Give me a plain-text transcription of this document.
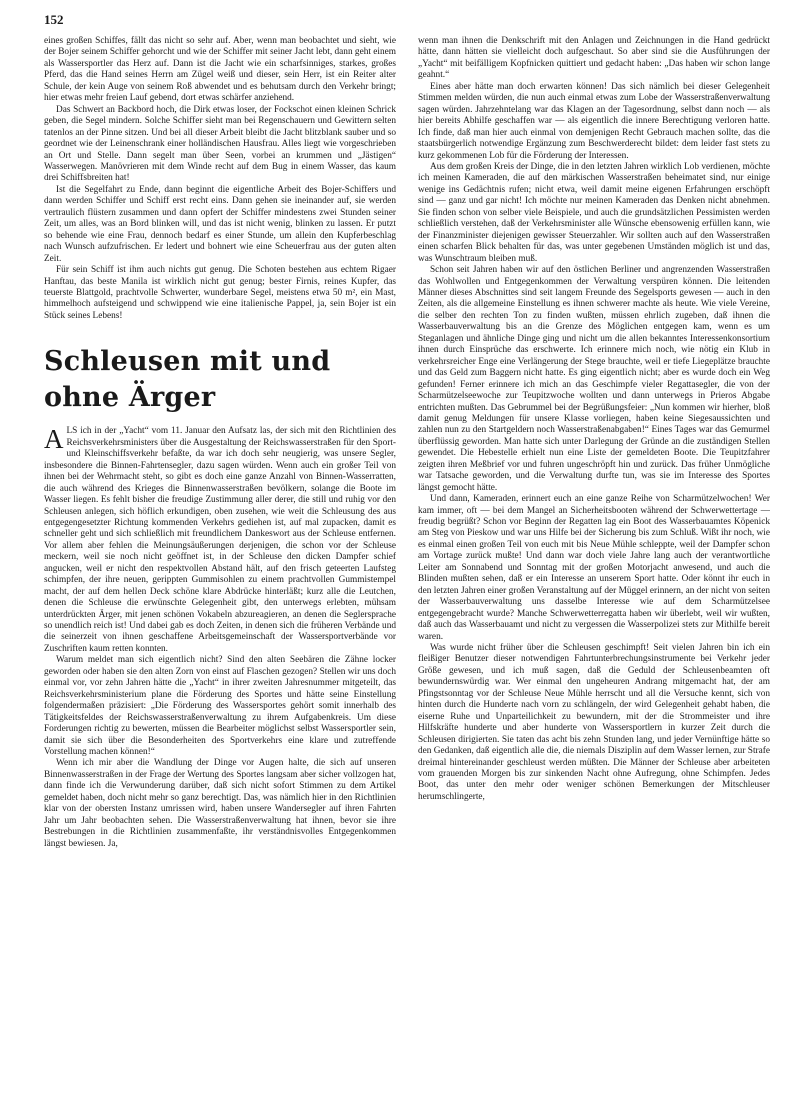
152

eines großen Schiffes, fällt das nicht so sehr auf. Aber, wenn man beobachtet und sieht, wie der Bojer seinem Schiffer gehorcht und wie der Schiffer mit seiner Jacht lebt, dann geht einem als Wassersportler das Herz auf. Dann ist die Jacht wie ein scharfsinniges, starkes, großes Pferd, das die Hand seines Herrn am Zügel weiß und dieser, sein Herr, ist ein Reiter alter Schule, der kein Auge von seinem Roß abwendet und es behutsam durch den Verkehr bringt; hier etwas mehr freien Lauf gebend, dort etwas schärfer anziehend.

Das Schwert an Backbord hoch, die Dirk etwas loser, der Fockschot einen kleinen Schrick geben, die Segel mindern. Solche Schiffer sieht man bei Regenschauern und Gewittern selten tatenlos an der Pinne sitzen. Und bei all dieser Arbeit bleibt die Jacht blitzblank sauber und so geordnet wie der Leinenschrank einer holländischen Hausfrau. Alles liegt wie vorgeschrieben an Ort und Stelle. Dann segelt man über Seen, vorbei an krummen und „Jästigen“ Wasserwegen. Manövrieren mit dem Winde recht auf dem Bug in einem Wasser, das kaum drei Schiffsbreiten hat!

Ist die Segelfahrt zu Ende, dann beginnt die eigentliche Arbeit des Bojer-Schiffers und dann werden Schiffer und Schiff erst recht eins. Dann gehen sie ineinander auf, sie werden vertraulich flüstern zusammen und dann opfert der Schiffer mindestens zwei Stunden seiner Zeit, um alles, was an Bord blinken will, und das ist nicht wenig, blinken zu lassen. Er putzt so behende wie eine Frau, dennoch bedarf es einer Stunde, um allein den Kupferbeschlag nach Wunsch aufzufrischen. Er ledert und bohnert wie eine Scheuerfrau aus der guten alten Zeit.

Für sein Schiff ist ihm auch nichts gut genug. Die Schoten bestehen aus echtem Rigaer Hanftau, das beste Manila ist wirklich nicht gut genug; bester Firnis, reines Kupfer, das teuerste Blattgold, prachtvolle Schwerter, wunderbare Segel, meistens etwa 50 m², ein Mast, himmelhoch aufsteigend und schwippend wie eine italienische Pappel, ja, sein Bojer ist ein Stück seines Lebens!

Schleusen mit und ohne Ärger

ALS ich in der „Yacht“ vom 11. Januar den Aufsatz las, der sich mit den Richtlinien des Reichsverkehrsministers über die Ausgestaltung der Reichswasserstraßen für den Sport- und Kleinschiffsverkehr befaßte, da war ich doch sehr neugierig, was unsere Segler, insbesondere die Binnen-Fahrtensegler, dazu sagen würden. Wenn auch ein großer Teil von ihnen bei der Wehrmacht steht, so gibt es doch eine ganze Anzahl von Binnen-Wasserratten, die auch während des Krieges die Binnenwasserstraßen bevölkern, solange die Boote im Wasser liegen. Es fehlt bisher die freudige Zustimmung aller derer, die still und ruhig vor den Schleusen anlegen, sich höflich erkundigen, oben zusehen, wie weit die Schleusung des aus entgegengesetzter Richtung kommenden Verkehrs gediehen ist, auf mal zupacken, damit es schneller geht und sich schließlich mit freundlichem Dankeswort aus der Schleuse entfernen. Vor allem aber fehlen die Meinungsäußerungen derjenigen, die schon vor der Schleuse meckern, weil sie noch nicht geöffnet ist, in der Schleuse den dicken Dampfer schief angucken, weil er nicht den respektvollen Abstand hält, auf den frisch geteerten Laufsteg schimpfen, der ihre neuen, gerippten Gummisohlen zu einem prachtvollen Gummistempel macht, der auf dem hellen Deck schöne klare Abdrücke hinterläßt; kurz alle die Leutchen, denen die Schleuse die erwünschte Gelegenheit gibt, den unterwegs erlebten, mühsam unterdrückten Ärger, mit jenen schönen Vokabeln abzureagieren, an denen die Seglersprache so unendlich reich ist! Und dabei gab es doch Zeiten, in denen sich die früheren Verbände und die seinerzeit von ihnen geschaffene Arbeitsgemeinschaft der Wassersportverbände vor Zuschriften kaum retten konnten.

Warum meldet man sich eigentlich nicht? Sind den alten Seebären die Zähne locker geworden oder haben sie den alten Zorn von einst auf Flaschen gezogen? Stellen wir uns doch einmal vor, vor zehn Jahren hätte die „Yacht“ in ihrer zweiten Jahresnummer mitgeteilt, das Reichsverkehrsministerium plane die Förderung des Sportes und hätte seine Einstellung folgendermaßen präzisiert: „Die Förderung des Wassersportes gehört somit innerhalb des Tätigkeitsfeldes der Reichswasserstraßenverwaltung zu ihrem Aufgabenkreis. Um diese Forderungen richtig zu bewerten, müssen die Bearbeiter möglichst selbst Wassersportler sein, damit sie sich über die Besonderheiten des Sportverkehrs eine klare und zutreffende Vorstellung machen können!“

Wenn ich mir aber die Wandlung der Dinge vor Augen halte, die sich auf unseren Binnenwasserstraßen in der Frage der Wertung des Sportes langsam aber sicher vollzogen hat, dann finde ich die Verwunderung darüber, daß sich nicht sofort Stimmen zu dem Artikel gemeldet haben, doch nicht mehr so ganz berechtigt. Das, was nämlich hier in den Richtlinien klar von der obersten Instanz umrissen wird, haben unsere Wandersegler auf ihren Fahrten Jahr um Jahr beobachten sehen. Die Wasserstraßenverwaltung hat ihnen, bevor sie ihre Bestrebungen in die Richtlinien zusammenfaßte, ihr verständnisvolles Entgegenkommen längst bewiesen. Ja,

wenn man ihnen die Denkschrift mit den Anlagen und Zeichnungen in die Hand gedrückt hätte, dann hätten sie vielleicht doch aufgeschaut. So aber sind sie die Ausführungen der „Yacht“ mit beifälligem Kopfnicken quittiert und gedacht haben: „Das haben wir schon lange geahnt.“

Eines aber hätte man doch erwarten können! Das sich nämlich bei dieser Gelegenheit Stimmen melden würden, die nun auch einmal etwas zum Lobe der Wasserstraßenverwaltung sagen würden. Jahrzehntelang war das Klagen an der Tagesordnung, selbst dann noch — als hier bereits Abhilfe geschaffen war — als eigentlich die innere Berechtigung verloren hatte. Ich finde, daß man hier auch einmal von demjenigen Recht Gebrauch machen sollte, das die staatsbürgerlich notwendige Ergänzung zum Beschwerderecht bildet: dem leider fast stets zu kurz gekommenen Lob für die Förderung der Interessen.

Aus dem großen Kreis der Dinge, die in den letzten Jahren wirklich Lob verdienen, möchte ich meinen Kameraden, die auf den märkischen Wasserstraßen beheimatet sind, nur einige wenige ins Gedächtnis rufen; nicht etwa, weil damit meine eigenen Erfahrungen erschöpft sind — ganz und gar nicht! Ich möchte nur meinen Kameraden das Denken nicht abnehmen. Sie finden schon von selber viele Beispiele, und auch die grundsätzlichen Pessimisten werden schließlich verstehen, daß der Verkehrsminister alle Wünsche ebensowenig erfüllen kann, wie der Finanzminister diejenigen gewisser Steuerzahler. Wir sollten auch auf den Wasserstraßen einen scharfen Blick behalten für das, was unter gegebenen Umständen möglich ist und das, was Wunschtraum bleiben muß.

Schon seit Jahren haben wir auf den östlichen Berliner und angrenzenden Wasserstraßen das Wohlwollen und Entgegenkommen der Verwaltung verspüren können. Die leitenden Männer dieses Abschnittes sind seit langem Freunde des Segelsports gewesen — auch in den Zeiten, als die allgemeine Einstellung es ihnen schwerer machte als heute. Wie viele Vereine, die selber den rechten Ton zu finden wußten, müssen ehrlich zugeben, daß ihnen die Wasserbauverwaltung bis an die Grenze des Möglichen entgegen kam, wenn es um Steganlagen und ähnliche Dinge ging und nicht um die allen bekanntes Interessenkonsortium ihnen durch Einsprüche das erschwerte. Ich erinnere mich noch, wie nötig ein Klub in verkehrsreicher Enge eine Verlängerung der Stege brauchte, weil er tiefe Liegeplätze brauchte und das Geld zum Baggern nicht hatte. Es ging eigentlich nicht; aber es wurde doch ein Weg gefunden! Ferner erinnere ich mich an das Geschimpfe vieler Regattasegler, die von der Scharmützelseewoche zur Teupitzwoche wollten und dann unterwegs in Prieros Abgabe entrichten mußten. Das Gebrummel bei der Begrüßungsfeier: „Nun kommen wir hierher, bloß damit genug Meldungen für unsere Klasse vorliegen, haben keine Siegesaussichten und zahlen nun zu den Startgeldern noch Wasserstraßenabgaben!“ Eines Tages war das Gemurmel überflüssig geworden. Man hatte sich unter Darlegung der Gründe an die zuständigen Stellen gewendet. Die Hebestelle erhielt nun eine Liste der gemeldeten Boote. Die Teupitzfahrer zeigten ihren Meßbrief vor und fuhren ungeschröpft hin und zurück. Das früher Unmögliche war Tatsache geworden, und die Verwaltung durfte tun, was sie im Interesse des Sportes längst gemocht hätte.

Und dann, Kameraden, erinnert euch an eine ganze Reihe von Scharmützelwochen! Wer kam immer, oft — bei dem Mangel an Sicherheitsbooten während der Schwerwettertage — freudig begrüßt? Schon vor Beginn der Regatten lag ein Boot des Wasserbauamtes Köpenick am Steg von Pieskow und war uns Hilfe bei der Sicherung bis zum Schluß. Wißt ihr noch, wie es einmal einen großen Teil von euch mit bis Neue Mühle schleppte, weil der Dampfer schon am Vortage zurück mußte! Und dann war doch viele Jahre lang auch der verantwortliche Leiter am Sonnabend und Sonntag mit der großen Motorjacht anwesend, und auch die Blinden mußten sehen, daß er ein Interesse an unserem Sport hatte. Oder könnt ihr euch in den letzten Jahren einer großen Veranstaltung auf der Müggel erinnern, an der nicht von seiten der Wasserbauverwaltung uns dasselbe Interesse wie auf dem Scharmützelsee entgegengebracht wurde? Manche Schwerwetterregatta haben wir überlebt, weil wir wußten, daß auch das Wasserbauamt und nicht zu vergessen die Wasserpolizei stets zur Mithilfe bereit waren.

Was wurde nicht früher über die Schleusen geschimpft! Seit vielen Jahren bin ich ein fleißiger Benutzer dieser notwendigen Fahrtunterbrechungsinstrumente bei Verkehr jeder Größe gewesen, und ich muß sagen, daß die Geduld der Schleusenbeamten oft bewundernswürdig war. Wer einmal den ungeheuren Andrang mitgemacht hat, der am Pfingstsonntag vor der Schleuse Neue Mühle herrscht und all die Versuche kennt, sich von hinten durch die Hunderte nach vorn zu schlängeln, der wird Gelegenheit gehabt haben, die eiserne Ruhe und Unparteilichkeit zu bewundern, mit der die Strommeister und ihre Hilfskräfte hunderte und aber hunderte von Wassersportlern in kurzer Zeit durch die Schleusen dirigierten. Sie taten das acht bis zehn Stunden lang, und jeder Vernünftige hätte so den Gedanken, daß eigentlich alle die, die niemals Disziplin auf dem Wasser lernen, zur Strafe dreimal hintereinander geschleust werden müßten. Die Männer der Schleuse aber arbeiteten vom grauenden Morgen bis zur sinkenden Nacht ohne Aufregung, ohne Schimpfen. Jedes Boot, das unter den mehr oder weniger schönen Bemerkungen der Mitschleuser herumschlingerte,
